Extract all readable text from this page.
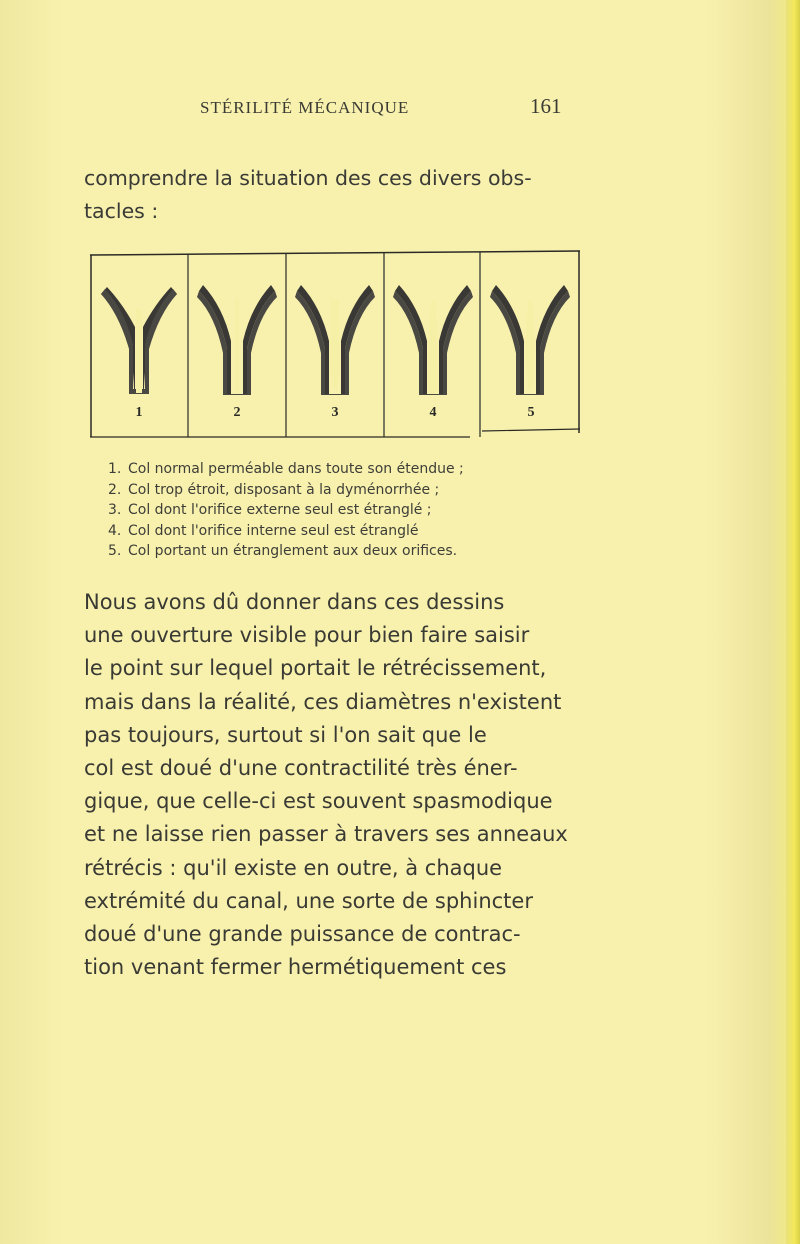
STÉRILITÉ MÉCANIQUE	161
comprendre la situation des ces divers obs-
tacles :
1	2	3	4	5
1. Col normal perméable dans toute son étendue ;
2. Col trop étroit, disposant à la dyménorrhée ;
3. Col dont l'orifice externe seul est étranglé ;
4. Col dont l'orifice interne seul est étranglé
5. Col portant un étranglement aux deux orifices.
Nous avons dû donner dans ces dessins
une ouverture visible pour bien faire saisir
le point sur lequel portait le rétrécissement,
mais dans la réalité, ces diamètres n'existent
pas toujours, surtout si l'on sait que le
col est doué d'une contractilité très éner-
gique, que celle-ci est souvent spasmodique
et ne laisse rien passer à travers ses anneaux
rétrécis : qu'il existe en outre, à chaque
extrémité du canal, une sorte de sphincter
doué d'une grande puissance de contrac-
tion venant fermer hermétiquement ces
